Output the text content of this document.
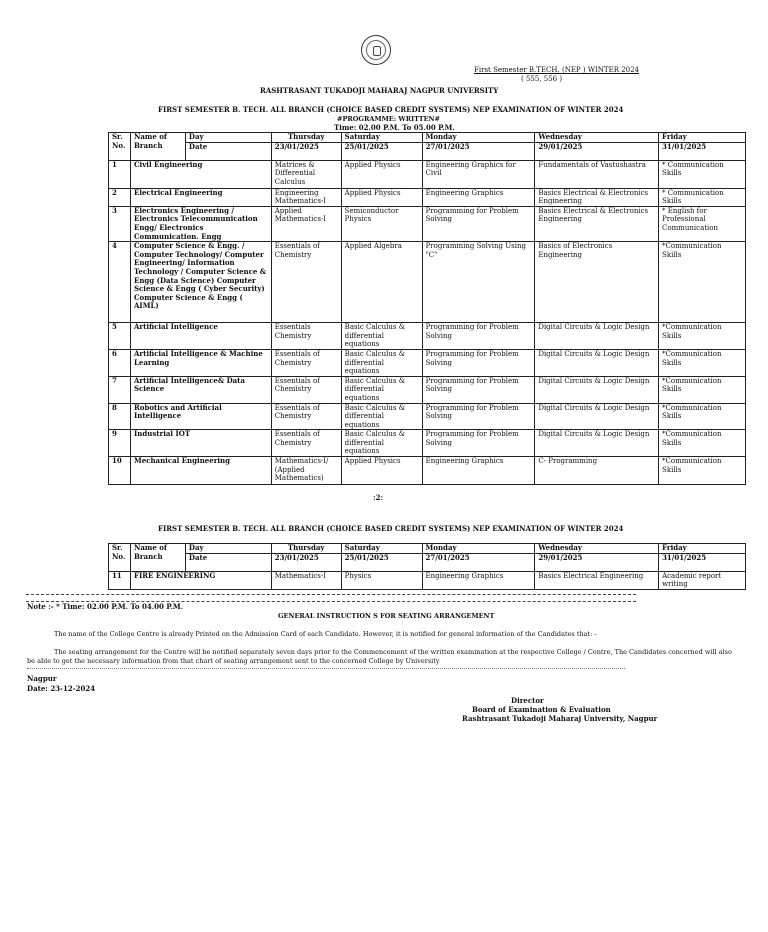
First Semester B.TECH. (NEP ) WINTER 2024
( 555, 556 )
RASHTRASANT TUKADOJI MAHARAJ NAGPUR UNIVERSITY
FIRST SEMESTER B. TECH. ALL BRANCH (CHOICE BASED CREDIT SYSTEMS) NEP EXAMINATION OF WINTER 2024
#PROGRAMME: WRITTEN#
Time: 02.00 P.M. To 05.00 P.M.
Sr. No.	Name of Branch	Day	Thursday	Saturday	Monday	Wednesday	Friday
		Date	23/01/2025	25/01/2025	27/01/2025	29/01/2025	31/01/2025
1	Civil Engineering		Matrices & Differential Calculus	Applied Physics	Engineering Graphics for Civil	Fundamentals of Vastushastra	* Communication Skills
2	Electrical Engineering		Engineering Mathematics-I	Applied Physics	Engineering Graphics	Basics Electrical & Electronics Engineering	* Communication Skills
3	Electronics Engineering / Electronics Telecommunication Engg/ Electronics Communication. Engg		Applied Mathematics-I	Semiconductor Physics	Programming for Problem Solving	Basics Electrical & Electronics Engineering	* English for Professional Communication
4	Computer Science & Engg. / Computer Technology/ Computer Engineering/ Information Technology / Computer Science & Engg (Data Science) Computer Science & Engg ( Cyber Security) Computer Science & Engg ( AIML)		Essentials of Chemistry	Applied Algebra	Programming Solving Using "C"	Basics of Electronics Engineering	*Communication Skills
5	Artificial Intelligence		Essentials Chemistry	Basic Calculus & differential equations	Programming for Problem Solving	Digital Circuits & Logic Design	*Communication Skills
6	Artificial Intelligence & Machine Learning		Essentials of Chemistry	Basic Calculus & differential equations	Programming for Problem Solving	Digital Circuits & Logic Design	*Communication Skills
7	Artificial Intelligence& Data Science		Essentials of Chemistry	Basic Calculus & differential equations	Programming for Problem Solving	Digital Circuits & Logic Design	*Communication Skills
8	Robotics and Artificial Intelligence		Essentials of Chemistry	Basic Calculus & differential equations	Programming for Problem Solving	Digital Circuits & Logic Design	*Communication Skills
9	Industrial IOT		Essentials of Chemistry	Basic Calculus & differential equations	Programming for Problem Solving	Digital Circuits & Logic Design	*Communication Skills
10	Mechanical Engineering		Mathematics-I/ (Applied Mathematics)	Applied Physics	Engineering Graphics	C- Programming	*Communication Skills
:2:
FIRST SEMESTER B. TECH. ALL BRANCH (CHOICE BASED CREDIT SYSTEMS) NEP EXAMINATION OF WINTER 2024
Sr. No.	Name of Branch	Day	Thursday	Saturday	Monday	Wednesday	Friday
		Date	23/01/2025	25/01/2025	27/01/2025	29/01/2025	31/01/2025
11	FIRE ENGINEERING		Mathematics-I	Physics	Engineering Graphics	Basics Electrical Engineering	Academic report writing
Note :- * Time: 02.00 P.M. To 04.00 P.M.
GENERAL INSTRUCTION S FOR SEATING ARRANGEMENT
The name of the College Centre is already Printed on the Admission Card of each Candidate. However, it is notified for general information of the Candidates that: -
The seating arrangement for the Centre will be notified separately seven days prior to the Commencement of the written examination at the respective College / Centre, The Candidates concerned will also be able to get the necessary information from that chart of seating arrangement sent to the concerned College by University
Nagpur
Date: 23-12-2024
Director
Board of Examination & Evaluation
Rashtrasant Tukadoji Maharaj University, Nagpur
